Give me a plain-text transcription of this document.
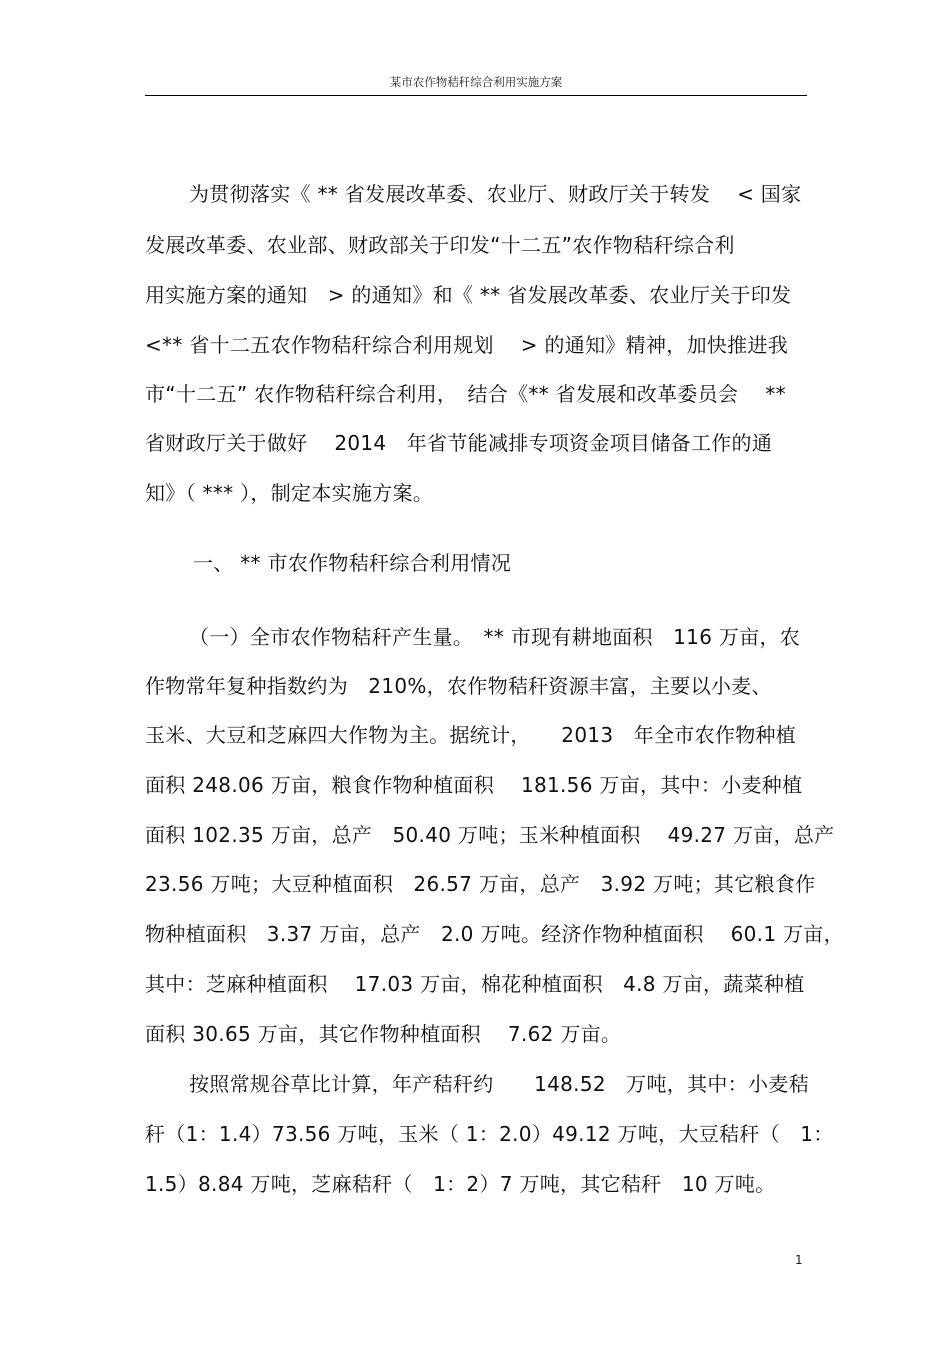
某市农作物秸秆综合利用实施方案
为贯彻落实《 ** 省发展改革委、农业厅、财政厅关于转发　 < 国家
发展改革委、农业部、财政部关于印发“十二五”农作物秸秆综合利
用实施方案的通知　> 的通知》和《 ** 省发展改革委、农业厅关于印发
<** 省十二五农作物秸秆综合利用规划　 > 的通知》精神，加快推进我
市“十二五” 农作物秸秆综合利用，　结合《** 省发展和改革委员会　 **
省财政厅关于做好　 2014　年省节能减排专项资金项目储备工作的通
知》（ *** ），制定本实施方案。
一、 ** 市农作物秸秆综合利用情况
（一）全市农作物秸秆产生量。　** 市现有耕地面积　116 万亩，农
作物常年复种指数约为　210%，农作物秸秆资源丰富，主要以小麦、
玉米、大豆和芝麻四大作物为主。据统计，　　2013　年全市农作物种植
面积 248.06 万亩，粮食作物种植面积　 181.56 万亩，其中：小麦种植
面积 102.35 万亩，总产　50.40 万吨；玉米种植面积　 49.27 万亩，总产
23.56 万吨；大豆种植面积　26.57 万亩，总产　3.92 万吨；其它粮食作
物种植面积　3.37 万亩，总产　2.0 万吨。经济作物种植面积　 60.1 万亩，
其中：芝麻种植面积　 17.03 万亩，棉花种植面积　4.8 万亩，蔬菜种植
面积 30.65 万亩，其它作物种植面积　 7.62 万亩。
按照常规谷草比计算，年产秸秆约　　148.52　万吨，其中：小麦秸
秆（1：1.4）73.56 万吨，玉米（ 1：2.0）49.12 万吨，大豆秸秆（　1：
1.5）8.84 万吨，芝麻秸秆（　1：2）7 万吨，其它秸秆　10 万吨。
1
